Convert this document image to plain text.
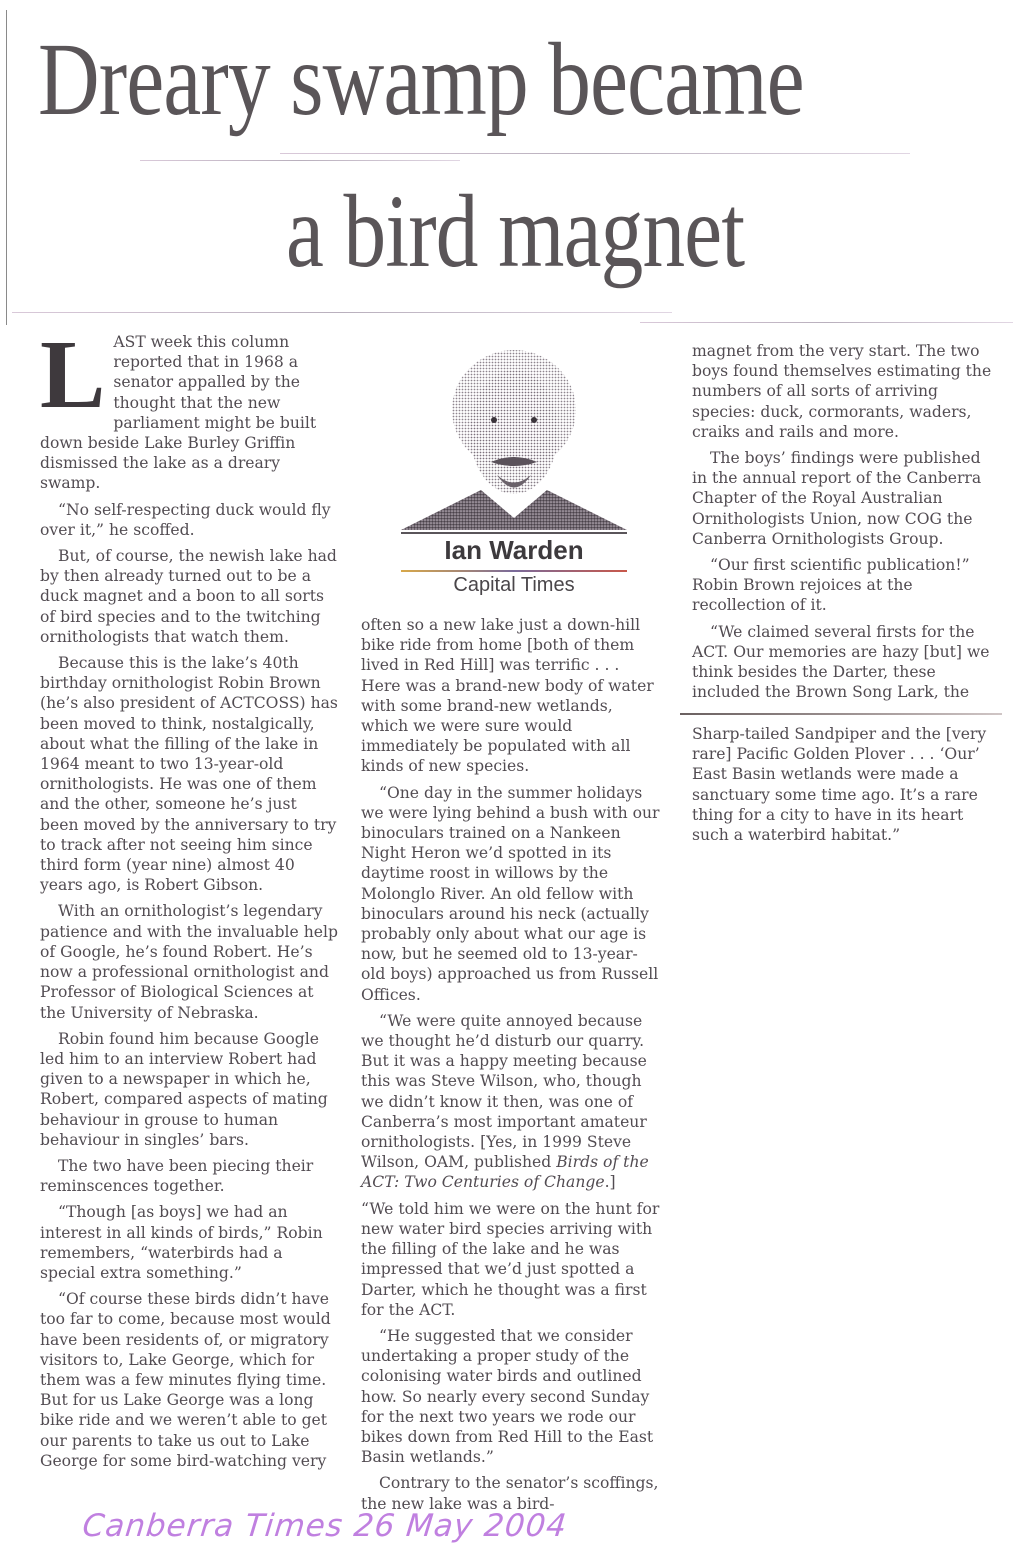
Dreary swamp became
a bird magnet

LAST week this column reported that in 1968 a senator appalled by the thought that the new parliament might be built down beside Lake Burley Griffin dismissed the lake as a dreary swamp.

“No self-respecting duck would fly over it,” he scoffed.

But, of course, the newish lake had by then already turned out to be a duck magnet and a boon to all sorts of bird species and to the twitching ornithologists that watch them.

Because this is the lake’s 40th birthday ornithologist Robin Brown (he’s also president of ACTCOSS) has been moved to think, nostalgically, about what the filling of the lake in 1964 meant to two 13-year-old ornithologists. He was one of them and the other, someone he’s just been moved by the anniversary to try to track after not seeing him since third form (year nine) almost 40 years ago, is Robert Gibson.

With an ornithologist’s legendary patience and with the invaluable help of Google, he’s found Robert. He’s now a professional ornithologist and Professor of Biological Sciences at the University of Nebraska.

Robin found him because Google led him to an interview Robert had given to a newspaper in which he, Robert, compared aspects of mating behaviour in grouse to human behaviour in singles’ bars.

The two have been piecing their reminscences together.

“Though [as boys] we had an interest in all kinds of birds,” Robin remembers, “waterbirds had a special extra something.”

“Of course these birds didn’t have too far to come, because most would have been residents of, or migratory visitors to, Lake George, which for them was a few minutes flying time. But for us Lake George was a long bike ride and we weren’t able to get our parents to take us out to Lake George for some bird-watching very

Ian Warden
Capital Times

often so a new lake just a down-hill bike ride from home [both of them lived in Red Hill] was terrific . . . Here was a brand-new body of water with some brand-new wetlands, which we were sure would immediately be populated with all kinds of new species.

“One day in the summer holidays we were lying behind a bush with our binoculars trained on a Nankeen Night Heron we’d spotted in its daytime roost in willows by the Molonglo River. An old fellow with binoculars around his neck (actually probably only about what our age is now, but he seemed old to 13-year-old boys) approached us from Russell Offices.

“We were quite annoyed because we thought he’d disturb our quarry. But it was a happy meeting because this was Steve Wilson, who, though we didn’t know it then, was one of Canberra’s most important amateur ornithologists. [Yes, in 1999 Steve Wilson, OAM, published Birds of the ACT: Two Centuries of Change.]

“We told him we were on the hunt for new water bird species arriving with the filling of the lake and he was impressed that we’d just spotted a Darter, which he thought was a first for the ACT.

“He suggested that we consider undertaking a proper study of the colonising water birds and outlined how. So nearly every second Sunday for the next two years we rode our bikes down from Red Hill to the East Basin wetlands.”

Contrary to the senator’s scoffings, the new lake was a bird-

magnet from the very start. The two boys found themselves estimating the numbers of all sorts of arriving species: duck, cormorants, waders, craiks and rails and more.

The boys’ findings were published in the annual report of the Canberra Chapter of the Royal Australian Ornithologists Union, now COG the Canberra Ornithologists Group.

“Our first scientific publication!” Robin Brown rejoices at the recollection of it.

“We claimed several firsts for the ACT. Our memories are hazy [but] we think besides the Darter, these included the Brown Song Lark, the

Sharp-tailed Sandpiper and the [very rare] Pacific Golden Plover . . . ‘Our’ East Basin wetlands were made a sanctuary some time ago. It’s a rare thing for a city to have in its heart such a waterbird habitat.”

Canberra Times 26 May 2004
